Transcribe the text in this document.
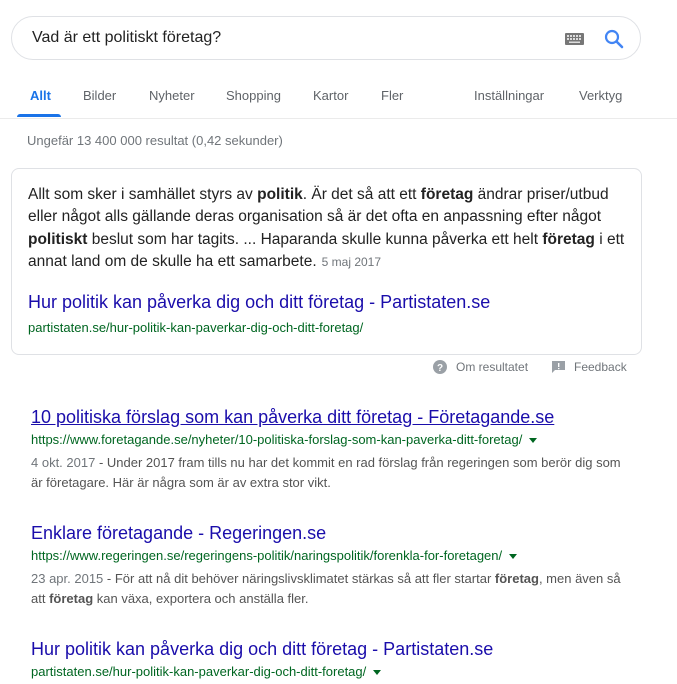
Vad är ett politiskt företag?
Allt Bilder	Nyheter Shopping Kartor	Fler	Inställningar	Verktyg
Ungefär 13 400 000 resultat (0,42 sekunder)
Allt som sker i samhället styrs av politik. Är det så att ett företag ändrar priser/utbud eller något alls gällande deras organisation så är det ofta en anpassning efter något politiskt beslut som har tagits. ... Haparanda skulle kunna påverka ett helt företag i ett annat land om de skulle ha ett samarbete. 5 maj 2017
Hur politik kan påverka dig och ditt företag - Partistaten.se
partistaten.se/hur-politik-kan-paverkar-dig-och-ditt-foretag/
? Om resultatet	Feedback
10 politiska förslag som kan påverka ditt företag - Företagande.se
https://www.foretagande.se/nyheter/10-politiska-forslag-som-kan-paverka-ditt-foretag/
4 okt. 2017 - Under 2017 fram tills nu har det kommit en rad förslag från regeringen som berör dig som är företagare. Här är några som är av extra stor vikt.
Enklare företagande - Regeringen.se
https://www.regeringen.se/regeringens-politik/naringspolitik/forenkla-for-foretagen/
23 apr. 2015 - För att nå dit behöver näringslivsklimatet stärkas så att fler startar företag, men även så att företag kan växa, exportera och anställa fler.
Hur politik kan påverka dig och ditt företag - Partistaten.se
partistaten.se/hur-politik-kan-paverkar-dig-och-ditt-foretag/
